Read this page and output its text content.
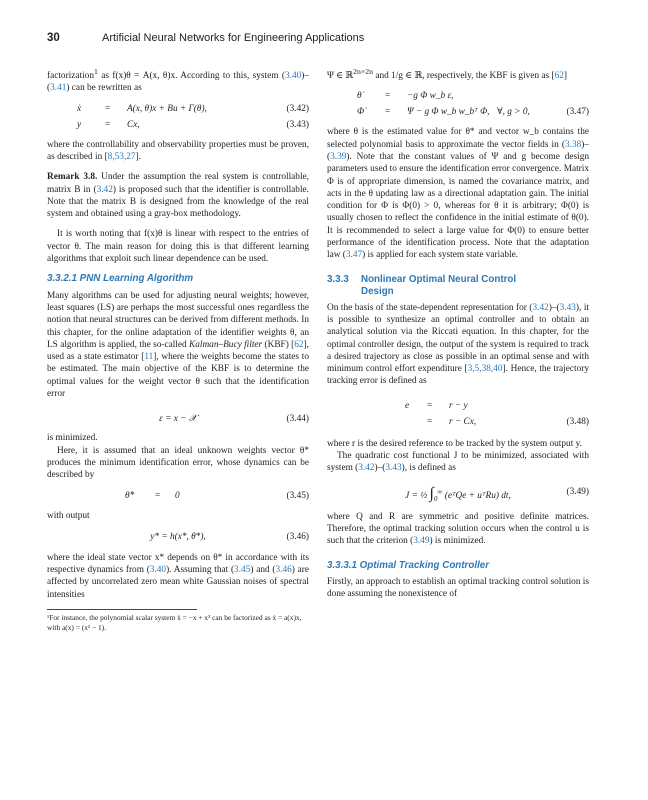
30	Artificial Neural Networks for Engineering Applications

factorization$^1$ as f(x)θ = A(x, θ)x. According to this, system (3.40)–(3.41) can be rewritten as

ẋ	= A(x, θ)x + Bu + Γ(θ),	(3.42)
y	= Cx,	(3.43)

where the controllability and observability properties must be proven, as described in [8,53,27].

Remark 3.8. Under the assumption the real system is controllable, matrix B in (3.42) is proposed such that the identifier is controllable. Note that the matrix B is designed from the knowledge of the real system and obtained using a gray-box methodology.

It is worth noting that f(x)θ is linear with respect to the entries of vector θ. The main reason for doing this is that different learning algorithms that exploit such linear dependence can be used.

3.3.2.1 PNN Learning Algorithm

Many algorithms can be used for adjusting neural weights; however, least squares (LS) are perhaps the most successful ones regardless the notion that neural structures can be derived from different methods. In this chapter, for the online adaptation of the identifier weights θ, an LS algorithm is applied, the so-called Kalman–Bucy filter (KBF) [62], used as a state estimator [11], where the weights become the states to be estimated. The main objective of the KBF is to determine the optimal values for the weight vector θ such that the identification error

ε = x − 𝒳	(3.44)

is minimized.

Here, it is assumed that an ideal unknown weights vector θ* produces the minimum identification error, whose dynamics can be described by

θ̇* = 0	(3.45)

with output

y* = h(x*, θ*),	(3.46)

where the ideal state vector x* depends on θ* in accordance with its respective dynamics from (3.40). Assuming that (3.45) and (3.46) are affected by uncorrelated zero mean white Gaussian noises of spectral intensities

¹For instance, the polynomial scalar system ẋ = −x + x³ can be factorized as ẋ = a(x)x, with a(x) = (x² − 1).

Ψ ∈ ℝ$^{2n\times 2n}$ and 1/g ∈ ℝ, respectively, the KBF is given as [62]

θ̇	= −g Φ w_b ε,
Φ̇ = Ψ − g Φ w_b w_bᵀ Φ, ∀, g > 0,	(3.47)

where θ is the estimated value for θ* and vector w_b contains the selected polynomial basis to approximate the vector fields in (3.38)–(3.39). Note that the constant values of Ψ and g become design parameters used to ensure the identification error convergence. Matrix Φ is of appropriate dimension, is named the covariance matrix, and acts in the θ updating law as a directional adaptation gain. The initial condition for Φ is Φ(0) > 0, whereas for θ it is arbitrary; Φ(0) is usually chosen to reflect the confidence in the initial estimate of θ(0). It is recommended to select a large value for Φ(0) to ensure better performance of the identification process. Note that the adaptation law (3.47) is applied for each system state variable.

3.3.3 Nonlinear Optimal Neural Control
Design

On the basis of the state-dependent representation for (3.42)–(3.43), it is possible to synthesize an optimal controller and to obtain an analytical solution via the Riccati equation. In this chapter, for the optimal controller design, the output of the system is required to track a desired trajectory as close as possible in an optimal sense and with minimum control effort expenditure [3,5,38,40]. Hence, the trajectory tracking error is defined as

e = r − y
= r − Cx,	(3.48)

where r is the desired reference to be tracked by the system output y.

The quadratic cost functional J to be minimized, associated with system (3.42)–(3.43), is defined as

J = ½ $\int_0^\infty$ (eᵀQe + uᵀRu) dt,	(3.49)

where Q and R are symmetric and positive definite matrices. Therefore, the optimal tracking solution occurs when the control u is such that the criterion (3.49) is minimized.

3.3.3.1 Optimal Tracking Controller

Firstly, an approach to establish an optimal tracking control solution is done assuming the nonexistence of
